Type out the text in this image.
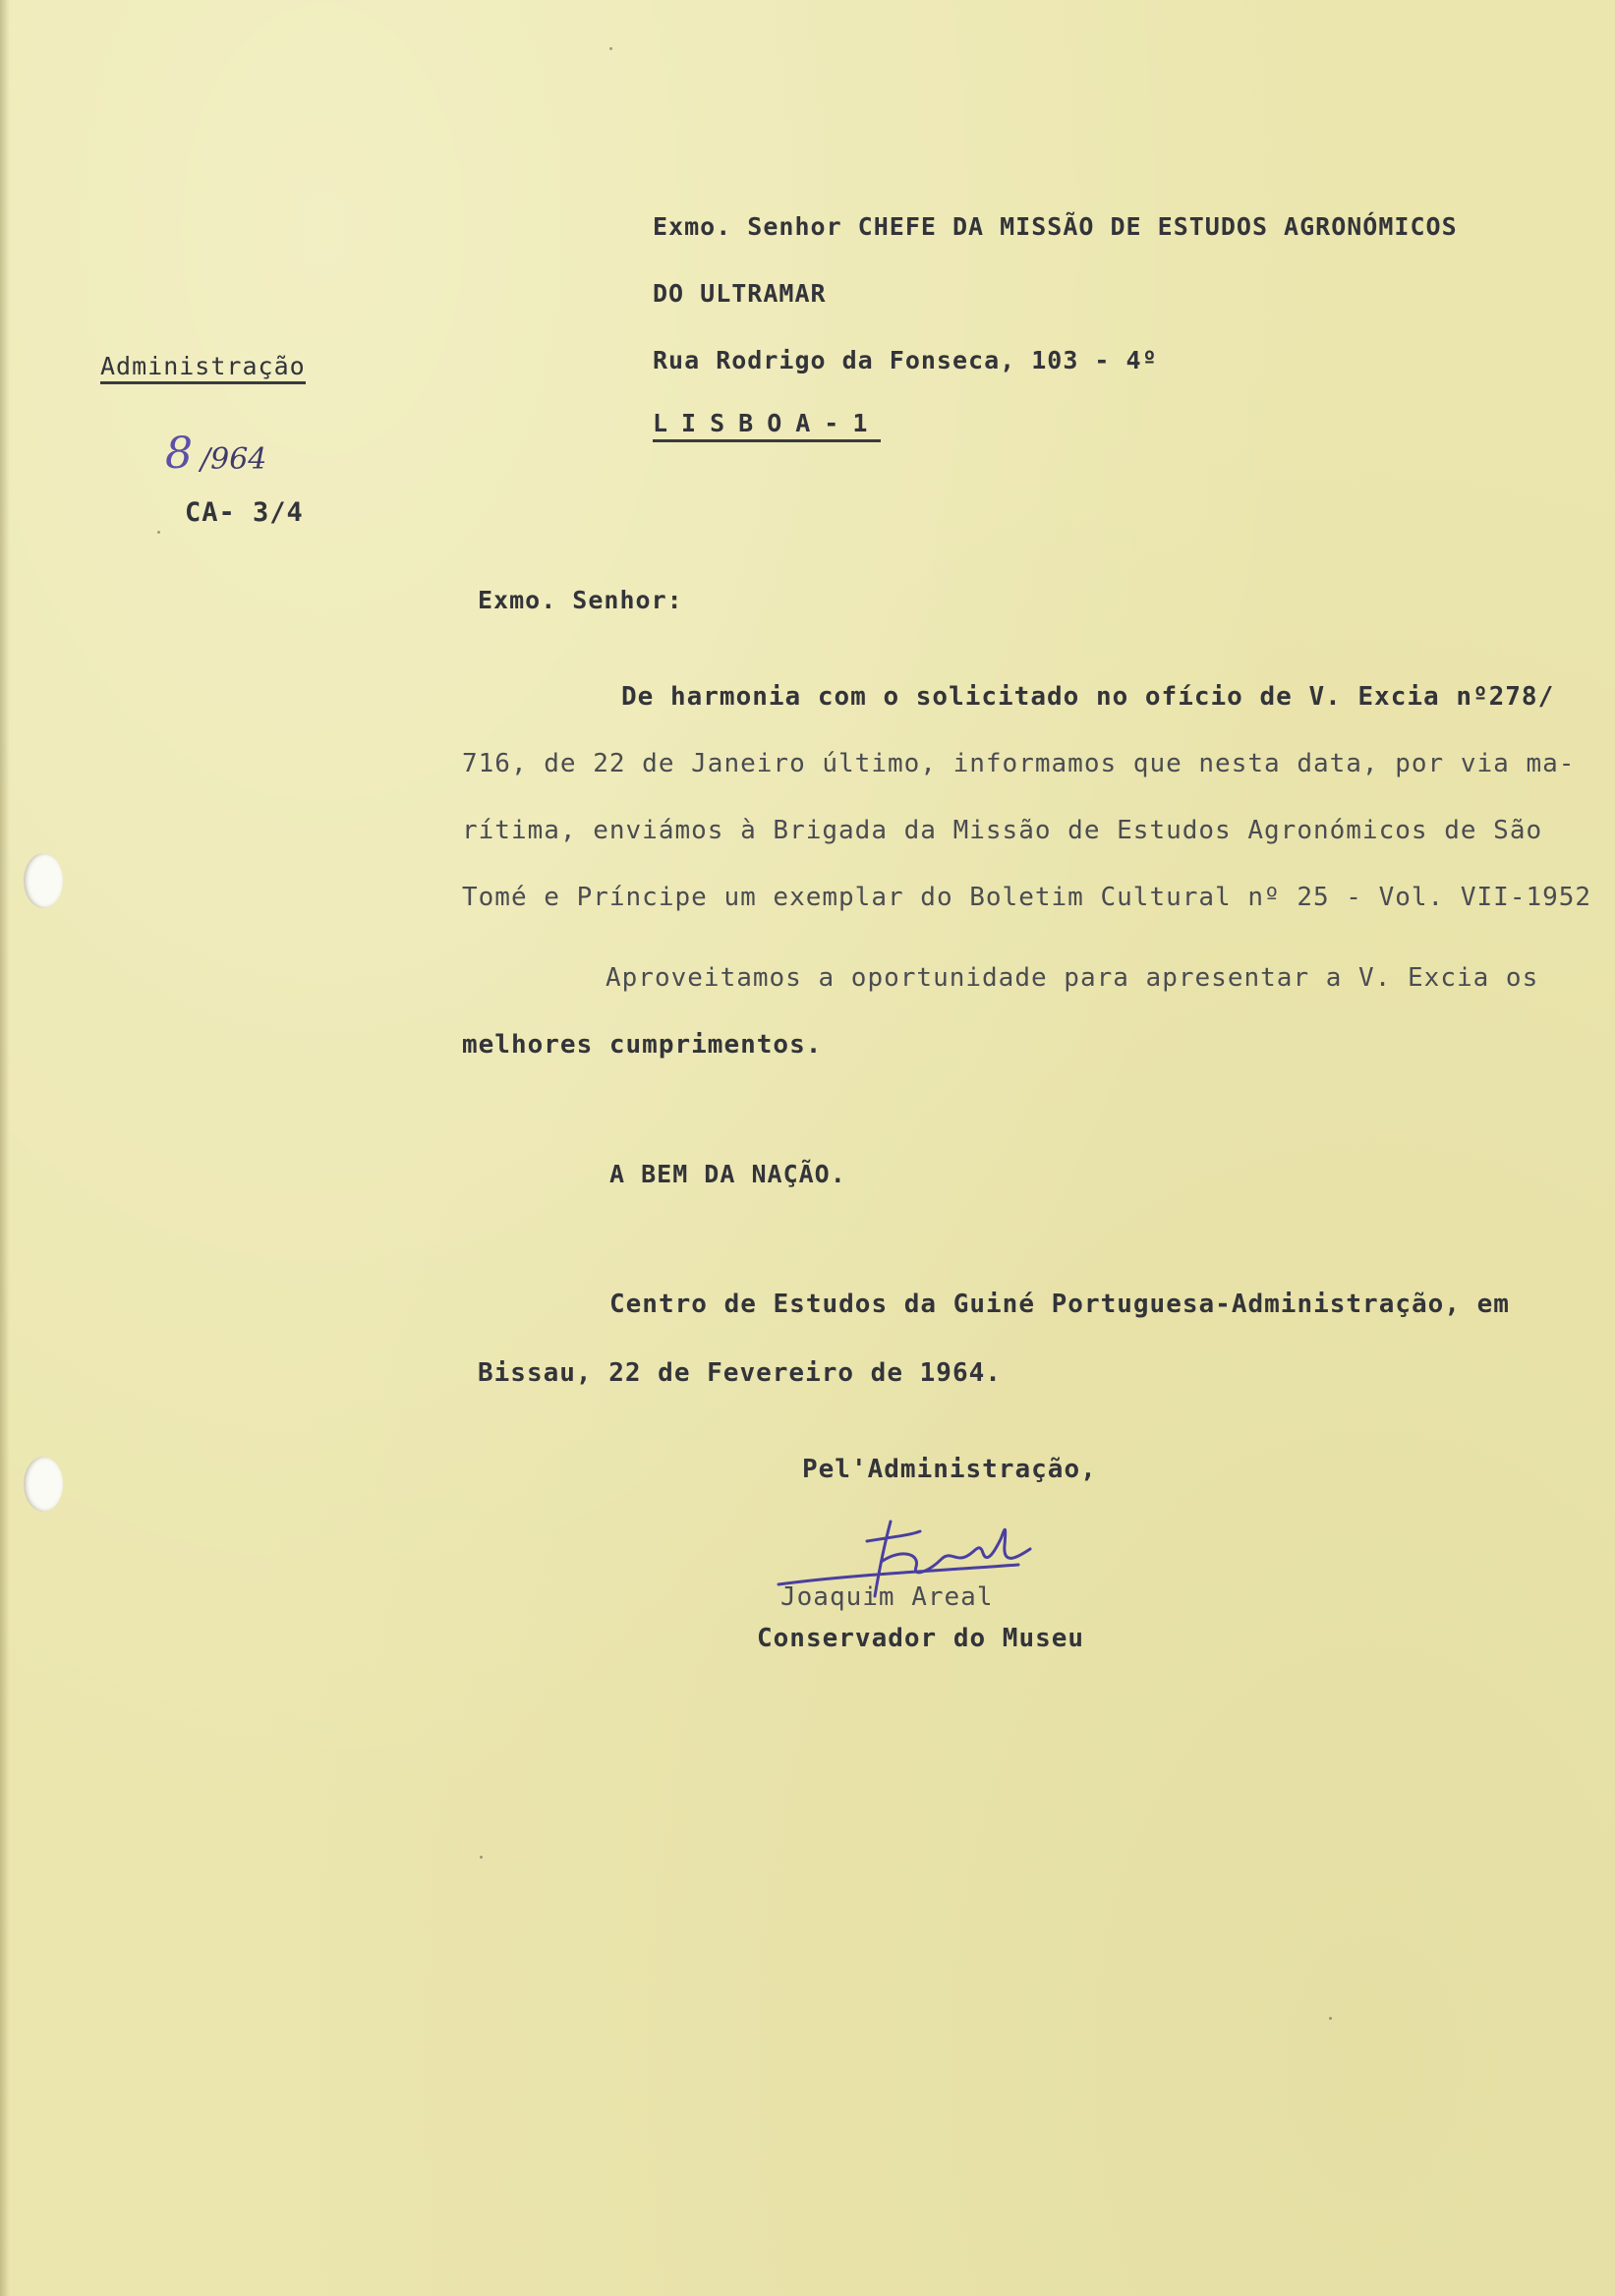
Exmo. Senhor CHEFE DA MISSÃO DE ESTUDOS AGRONÓMICOS
DO ULTRAMAR
Rua Rodrigo da Fonseca, 103 - 4º
LISBOA-1
Administração
8 /964
CA- 3/4
Exmo. Senhor:
De harmonia com o solicitado no ofício de V. Excia nº278/
716, de 22 de Janeiro último, informamos que nesta data, por via ma-
rítima, enviámos à Brigada da Missão de Estudos Agronómicos de São
Tomé e Príncipe um exemplar do Boletim Cultural nº 25 - Vol. VII-1952
Aproveitamos a oportunidade para apresentar a V. Excia os
melhores cumprimentos.
A BEM DA NAÇÃO.
Centro de Estudos da Guiné Portuguesa-Administração, em
Bissau, 22 de Fevereiro de 1964.
Pel'Administração,
Joaquim Areal
Conservador do Museu
